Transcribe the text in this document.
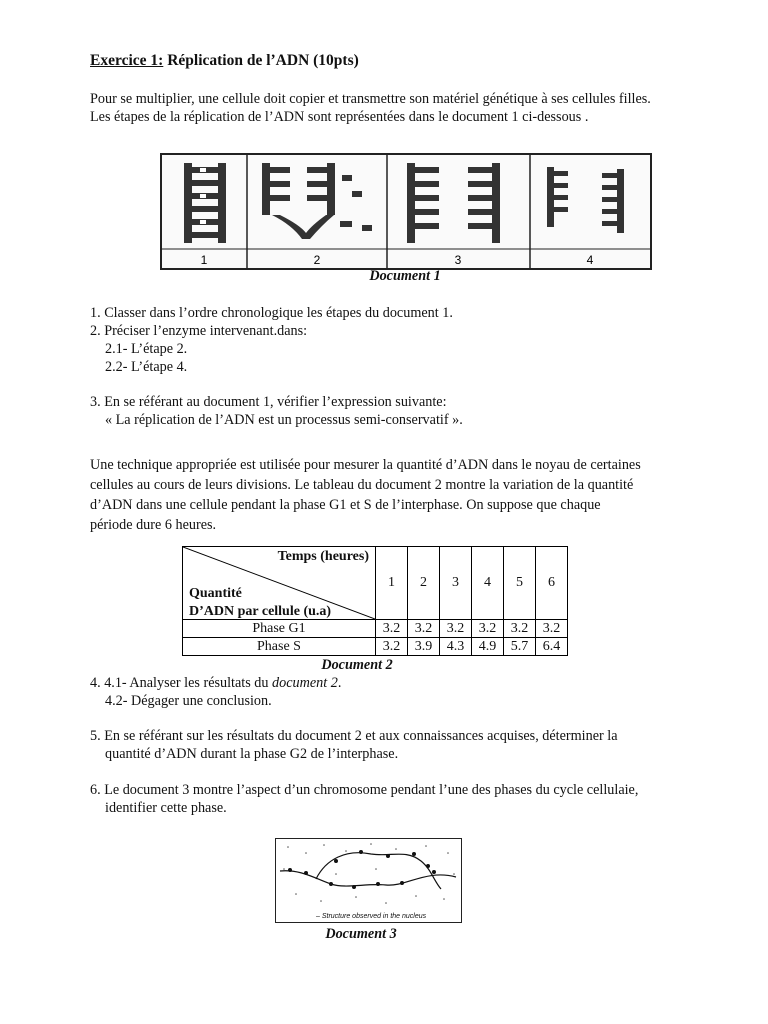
Exercice 1: Réplication de l’ADN (10pts)
Pour se multiplier, une cellule doit copier et transmettre son matériel génétique à ses cellules filles.
Les étapes de la réplication de l’ADN sont représentées dans le document 1 ci-dessous .
1	2	3	4
Document 1
1. Classer dans l’ordre chronologique les étapes du document 1.
2. Préciser l’enzyme intervenant.dans:
2.1- L’étape 2.
2.2- L’étape 4.
3. En se référant au document 1, vérifier l’expression suivante:
« La réplication de l’ADN est un processus semi-conservatif ».
Une technique appropriée est utilisée pour mesurer la quantité d’ADN dans le noyau de certaines
cellules au cours de leurs divisions. Le tableau du document 2 montre la variation de la quantité
d’ADN dans une cellule pendant la phase G1 et S de l’interphase. On suppose que chaque
période dure 6 heures.
Temps (heures)
Quantité
D’ADN par cellule (u.a)	1	2	3	4	5	6
Phase G1	3.2	3.2	3.2	3.2	3.2	3.2
Phase S	3.2	3.9	4.3	4.9	5.7	6.4
Document 2
4. 4.1- Analyser les résultats du document 2.
4.2- Dégager une conclusion.
5. En se référant sur les résultats du document 2 et aux connaissances acquises, déterminer la
quantité d’ADN durant la phase G2 de l’interphase.
6. Le document 3 montre l’aspect d’un chromosome pendant l’une des phases du cycle cellulaie,
identifier cette phase.
– Structure observed in the nucleus
Document 3
